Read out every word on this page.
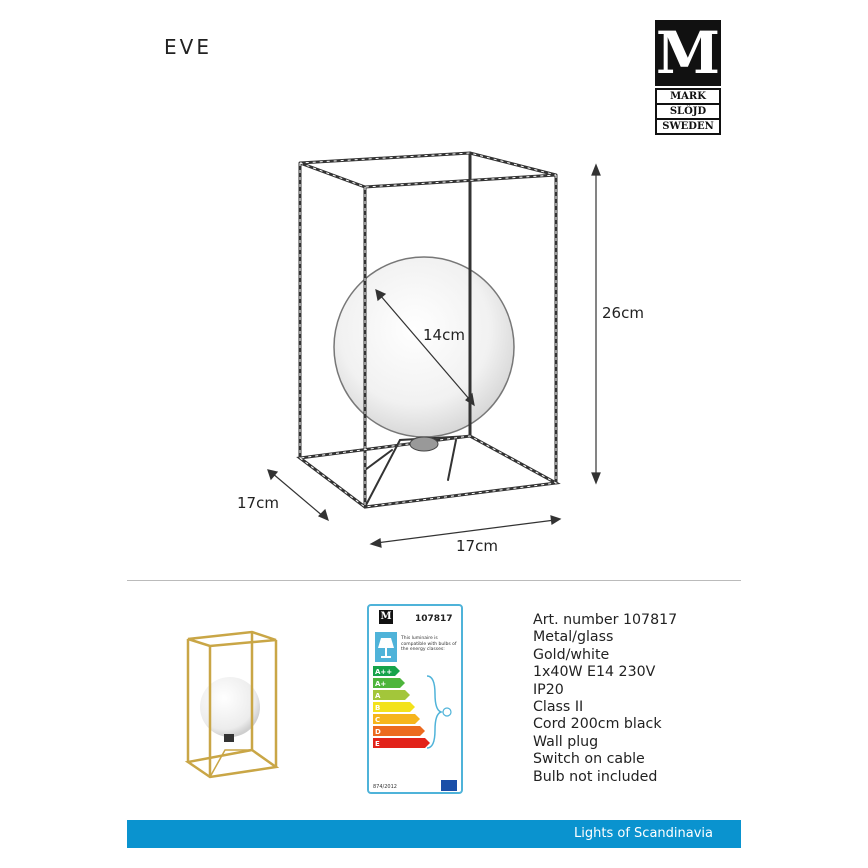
EVE	M
MARK
SLÖJD
SWEDEN
26cm
14cm
17cm
17cm
M	107817
This luminaire is compatible with bulbs of the energy classes:
A++
A+
A
B
C
D
E
874/2012
Art. number 107817
Metal/glass
Gold/white
1x40W E14 230V
IP20
Class II
Cord 200cm black
Wall plug
Switch on cable
Bulb not included
Lights of Scandinavia
